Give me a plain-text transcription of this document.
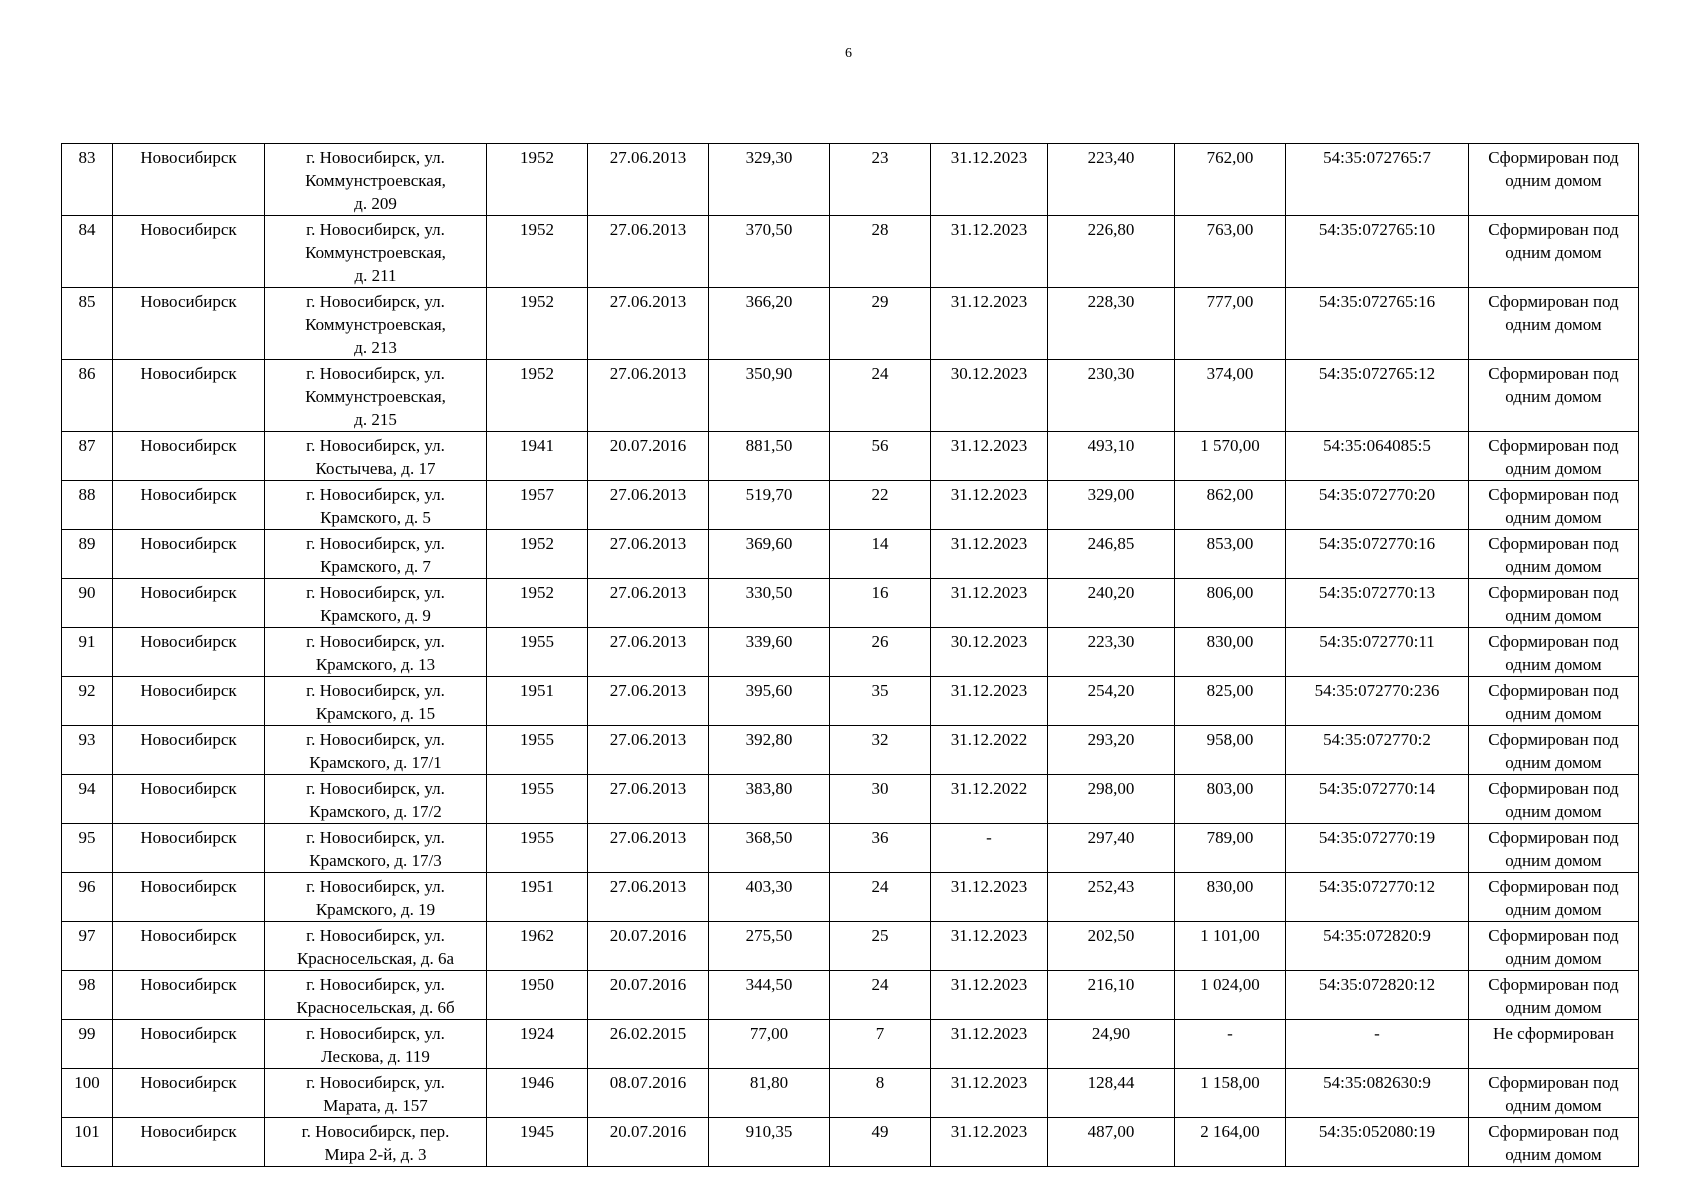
6
83	Новосибирск	г. Новосибирск, ул.
Коммунстроевская,
д. 209	1952	27.06.2013	329,30	23	31.12.2023	223,40	762,00	54:35:072765:7	Сформирован под
одним домом

84	Новосибирск	г. Новосибирск, ул.
Коммунстроевская,
д. 211	1952	27.06.2013	370,50	28	31.12.2023	226,80	763,00	54:35:072765:10	Сформирован под
одним домом

85	Новосибирск	г. Новосибирск, ул.
Коммунстроевская,
д. 213	1952	27.06.2013	366,20	29	31.12.2023	228,30	777,00	54:35:072765:16	Сформирован под
одним домом

86	Новосибирск	г. Новосибирск, ул.
Коммунстроевская,
д. 215	1952	27.06.2013	350,90	24	30.12.2023	230,30	374,00	54:35:072765:12	Сформирован под
одним домом

87	Новосибирск	г. Новосибирск, ул.
Костычева, д. 17	1941	20.07.2016	881,50	56	31.12.2023	493,10	1 570,00	54:35:064085:5	Сформирован под
одним домом

88	Новосибирск	г. Новосибирск, ул.
Крамского, д. 5	1957	27.06.2013	519,70	22	31.12.2023	329,00	862,00	54:35:072770:20	Сформирован под
одним домом

89	Новосибирск	г. Новосибирск, ул.
Крамского, д. 7	1952	27.06.2013	369,60	14	31.12.2023	246,85	853,00	54:35:072770:16	Сформирован под
одним домом

90	Новосибирск	г. Новосибирск, ул.
Крамского, д. 9	1952	27.06.2013	330,50	16	31.12.2023	240,20	806,00	54:35:072770:13	Сформирован под
одним домом

91	Новосибирск	г. Новосибирск, ул.
Крамского, д. 13	1955	27.06.2013	339,60	26	30.12.2023	223,30	830,00	54:35:072770:11	Сформирован под
одним домом

92	Новосибирск	г. Новосибирск, ул.
Крамского, д. 15	1951	27.06.2013	395,60	35	31.12.2023	254,20	825,00	54:35:072770:236	Сформирован под
одним домом

93	Новосибирск	г. Новосибирск, ул.
Крамского, д. 17/1	1955	27.06.2013	392,80	32	31.12.2022	293,20	958,00	54:35:072770:2	Сформирован под
одним домом

94	Новосибирск	г. Новосибирск, ул.
Крамского, д. 17/2	1955	27.06.2013	383,80	30	31.12.2022	298,00	803,00	54:35:072770:14	Сформирован под
одним домом

95	Новосибирск	г. Новосибирск, ул.
Крамского, д. 17/3	1955	27.06.2013	368,50	36	-	297,40	789,00	54:35:072770:19	Сформирован под
одним домом

96	Новосибирск	г. Новосибирск, ул.
Крамского, д. 19	1951	27.06.2013	403,30	24	31.12.2023	252,43	830,00	54:35:072770:12	Сформирован под
одним домом

97	Новосибирск	г. Новосибирск, ул.
Красносельская, д. 6а	1962	20.07.2016	275,50	25	31.12.2023	202,50	1 101,00	54:35:072820:9	Сформирован под
одним домом

98	Новосибирск	г. Новосибирск, ул.
Красносельская, д. 6б	1950	20.07.2016	344,50	24	31.12.2023	216,10	1 024,00	54:35:072820:12	Сформирован под
одним домом

99	Новосибирск	г. Новосибирск, ул.
Лескова, д. 119	1924	26.02.2015	77,00	7	31.12.2023	24,90	-	-	Не сформирован

100	Новосибирск	г. Новосибирск, ул.
Марата, д. 157	1946	08.07.2016	81,80	8	31.12.2023	128,44	1 158,00	54:35:082630:9	Сформирован под
одним домом

101	Новосибирск	г. Новосибирск, пер.
Мира 2-й, д. 3	1945	20.07.2016	910,35	49	31.12.2023	487,00	2 164,00	54:35:052080:19	Сформирован под
одним домом
